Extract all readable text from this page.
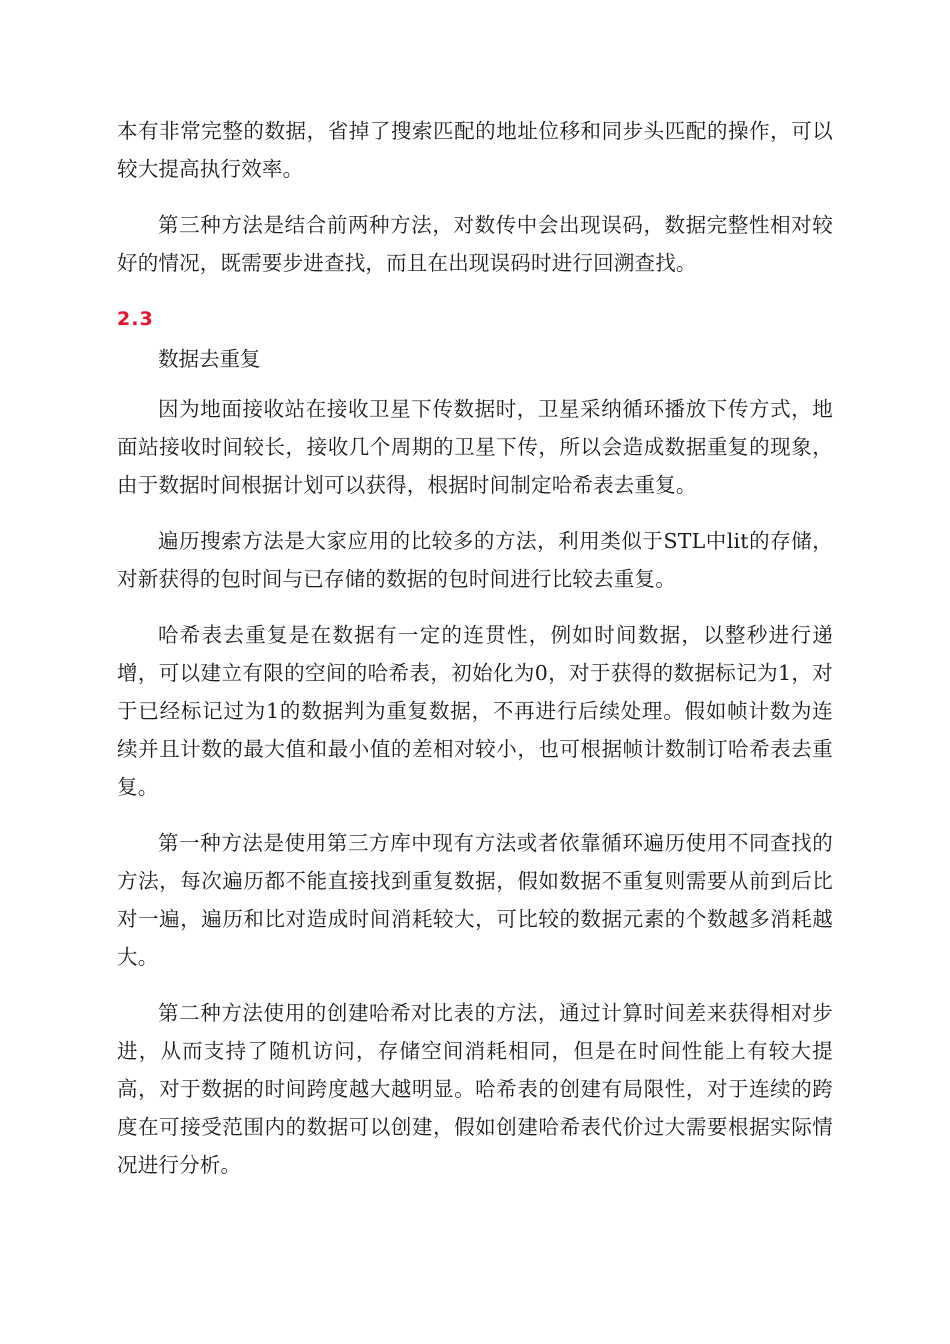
本有非常完整的数据，省掉了搜索匹配的地址位移和同步头匹配的操作，可以较大提高执行效率。

第三种方法是结合前两种方法，对数传中会出现误码，数据完整性相对较好的情况，既需要步进查找，而且在出现误码时进行回溯查找。

2.3
数据去重复

因为地面接收站在接收卫星下传数据时，卫星采纳循环播放下传方式，地面站接收时间较长，接收几个周期的卫星下传，所以会造成数据重复的现象，由于数据时间根据计划可以获得，根据时间制定哈希表去重复。

遍历搜索方法是大家应用的比较多的方法，利用类似于STL中lit的存储，对新获得的包时间与已存储的数据的包时间进行比较去重复。

哈希表去重复是在数据有一定的连贯性，例如时间数据，以整秒进行递增，可以建立有限的空间的哈希表，初始化为0，对于获得的数据标记为1，对于已经标记过为1的数据判为重复数据，不再进行后续处理。假如帧计数为连续并且计数的最大值和最小值的差相对较小，也可根据帧计数制订哈希表去重复。

第一种方法是使用第三方库中现有方法或者依靠循环遍历使用不同查找的方法，每次遍历都不能直接找到重复数据，假如数据不重复则需要从前到后比对一遍，遍历和比对造成时间消耗较大，可比较的数据元素的个数越多消耗越大。

第二种方法使用的创建哈希对比表的方法，通过计算时间差来获得相对步进，从而支持了随机访问，存储空间消耗相同，但是在时间性能上有较大提高，对于数据的时间跨度越大越明显。哈希表的创建有局限性，对于连续的跨度在可接受范围内的数据可以创建，假如创建哈希表代价过大需要根据实际情况进行分析。
